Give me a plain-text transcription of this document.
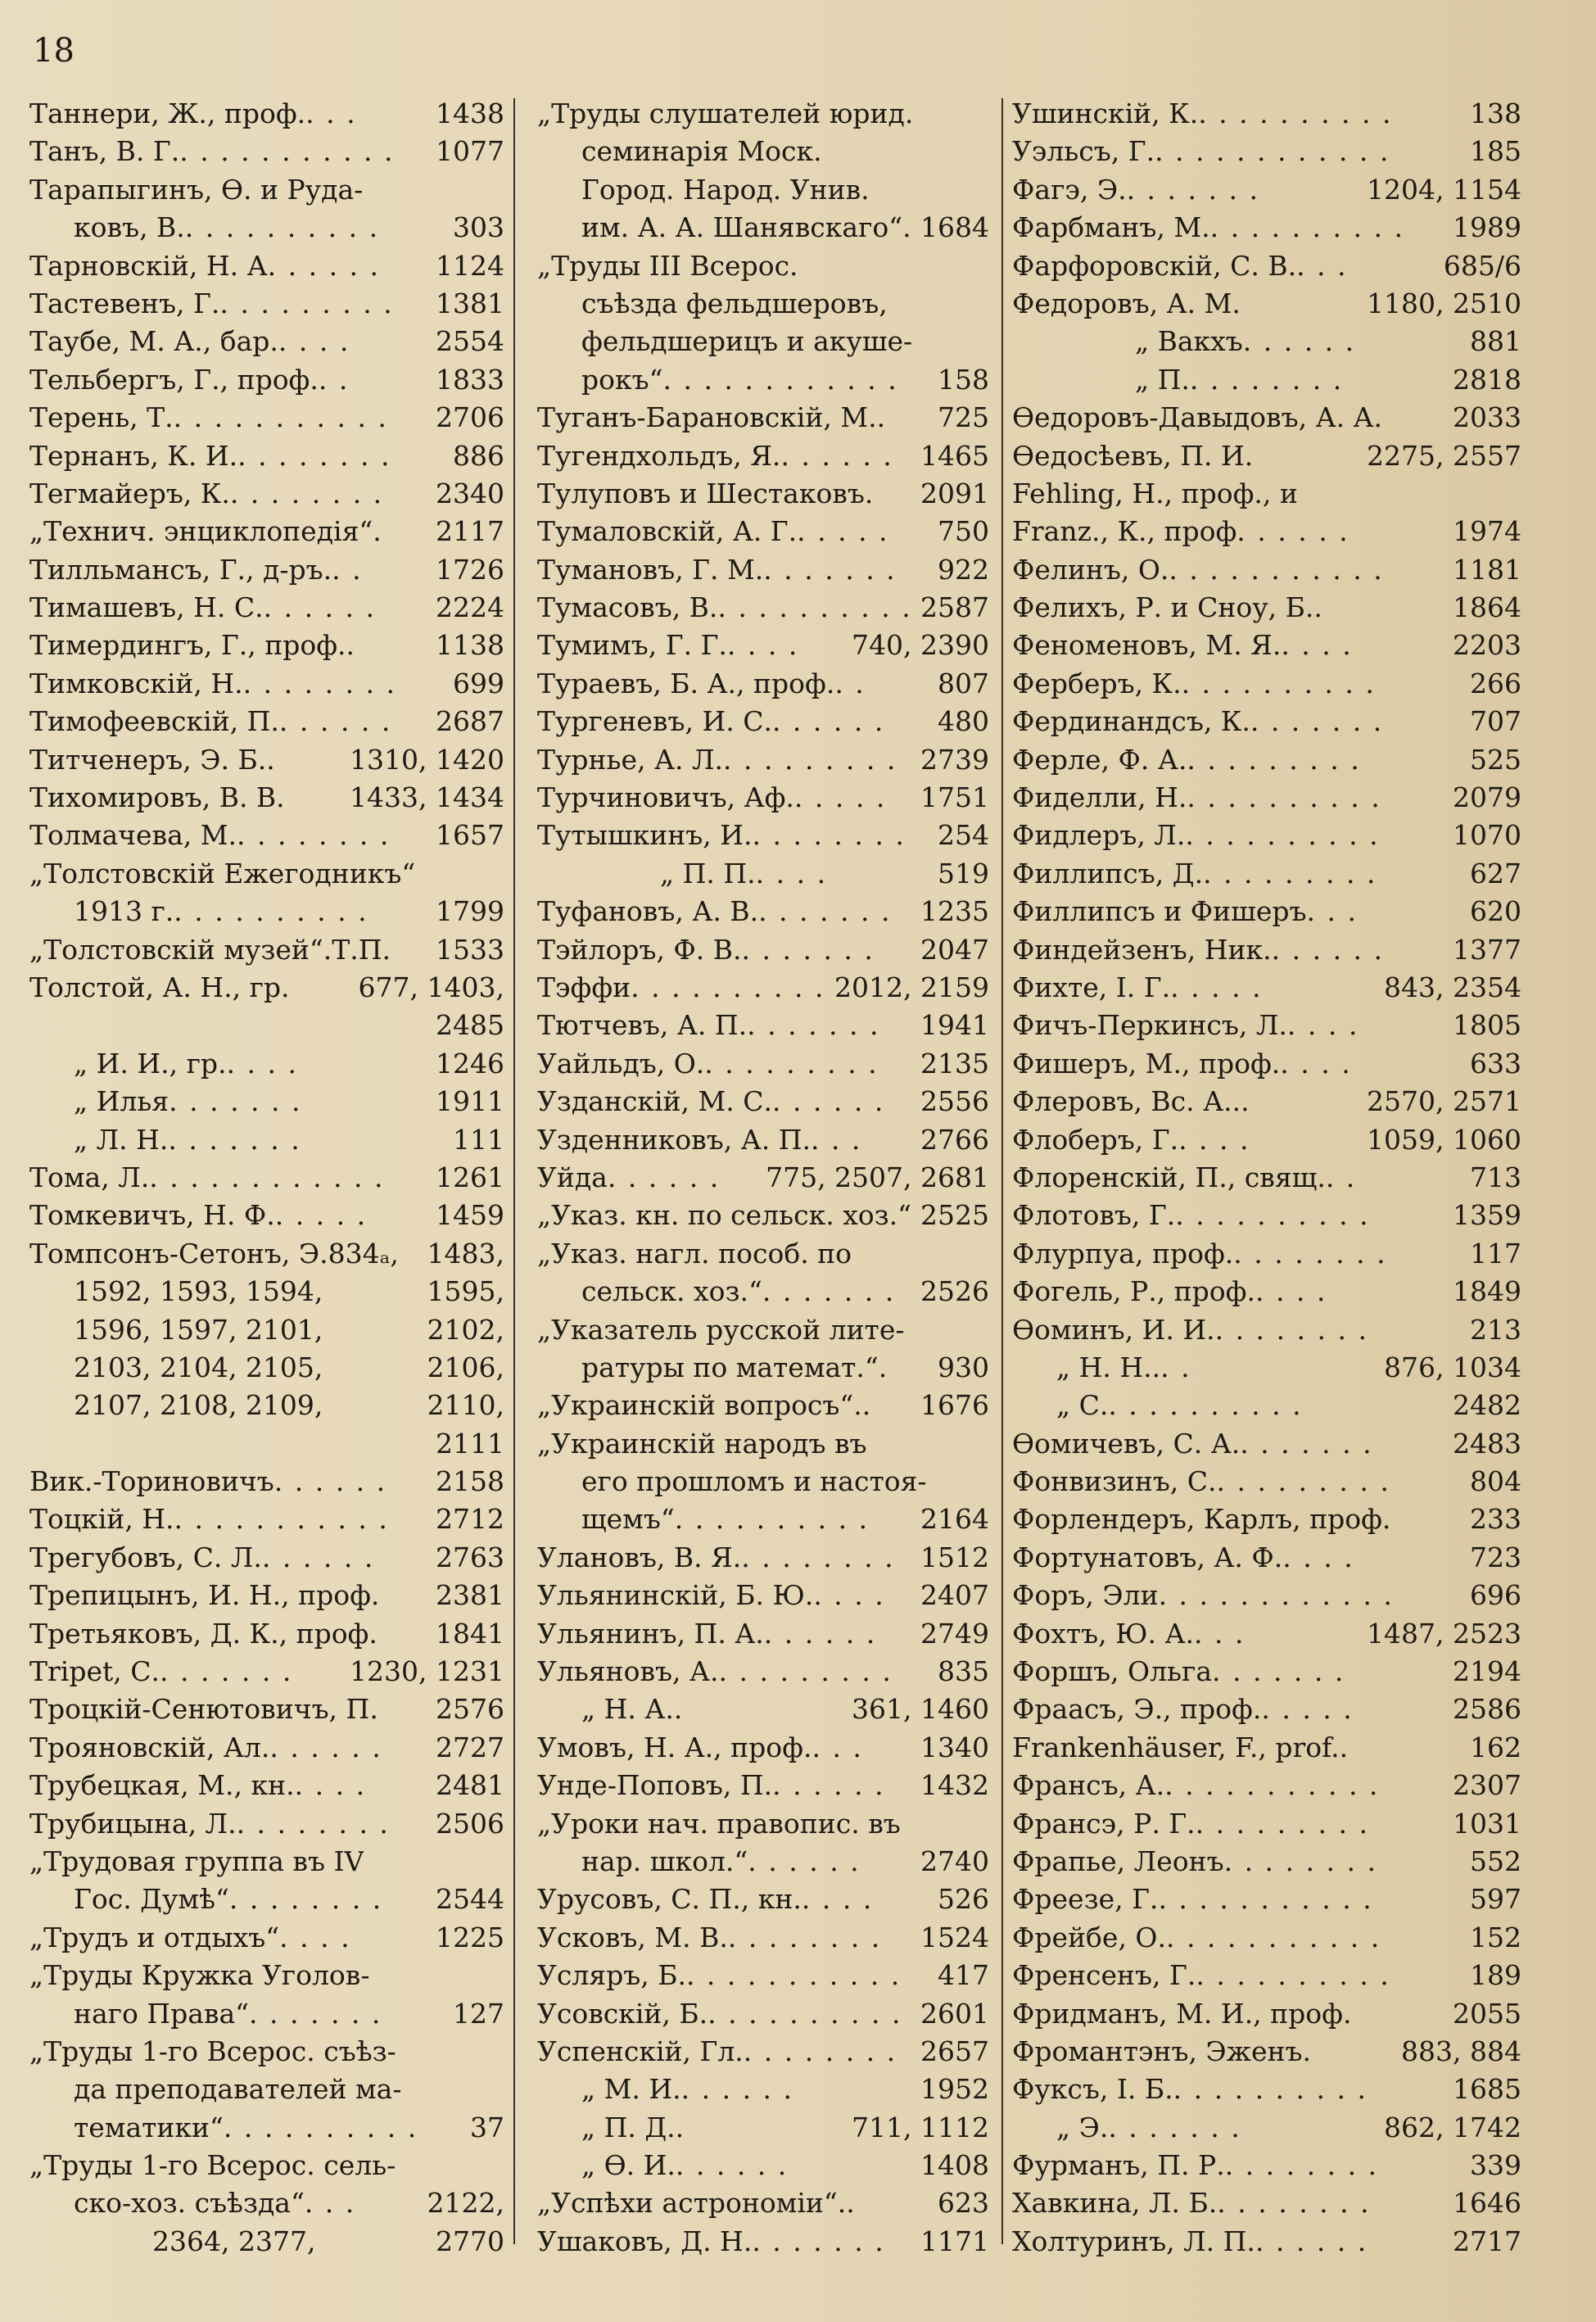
18
Таннери, Ж., проф. . . .	1438
Танъ, В. Г. . . . . . . . . . . .	1077
Тарапыгинъ, Ѳ. и Руда-
ковъ, В. . . . . . . . . . .	303
Тарновскій, Н. А . . . . . .	1124
Тастевенъ, Г. . . . . . . . . .	1381
Таубе, М. А., бар. . . . .	2554
Тельбергъ, Г., проф. . .	1833
Терень, Т. . . . . . . . . . . .	2706
Тернанъ, К. И. . . . . . . . .	886
Тегмайеръ, К. . . . . . . . .	2340
„Технич. энциклопедія“. 2117
Тилльмансъ, Г., д-ръ. . .	1726
Тимашевъ, Н. С. . . . . . .	2224
Тимердингъ, Г., проф. .	1138
Тимковскій, Н. . . . . . . . .	699
Тимофеевскій, П. . . . . . .	2687
Титченеръ, Э. Б..	1310, 1420
Тихомировъ, В. В. 1433, 1434
Толмачева, М. . . . . . . . .	1657
„Толстовскій Ежегодникъ“
1913 г. . . . . . . . . . .	1799
„Толстовскій музей“.Т.П. 1533
Толстой, А. Н., гр.	677, 1403,
2485
„ И. И., гр. . . . .	1246
„ Илья . . . . . . .	1911
„ Л. Н. . . . . . . .	111
Тома, Л. . . . . . . . . . . . .	1261
Томкевичъ, Н. Ф. . . . . .	1459
Томпсонъ-Сетонъ, Э.834ₐ, 1483,
1592, 1593, 1594,	1595,
1596, 1597, 2101,	2102,
2103, 2104, 2105,	2106,
2107, 2108, 2109,	2110,
2111
Вик.-Ториновичъ . . . . . .	2158
Тоцкій, Н. . . . . . . . . . . .	2712
Трегубовъ, С. Л. . . . . . .	2763
Трепицынъ, И. Н., проф. 2381
Третьяковъ, Д. К., проф. 1841
Tripet, С. . . . . . . .	1230, 1231
Троцкій-Сенютовичъ, П. 2576
Трояновскій, Ал. . . . . . .	2727
Трубецкая, М., кн. . . . .	2481
Трубицына, Л. . . . . . . . .	2506
„Трудовая группа въ IV
Гос. Думѣ“ . . . . . . . .	2544
„Трудъ и отдыхъ“ . . . .	1225
„Труды Кружка Уголов-
наго Права“ . . . . . . .	127
„Труды 1-го Всерос. съѣз-
да преподавателей ма-
тематики“ . . . . . . . . . .	37
„Труды 1-го Всерос. сель-
ско-хоз. съѣзда“ . . .	2122,
2364, 2377,	2770
„Труды слушателей юрид.
семинарія Моск.
Город. Народ. Унив.
им. А. А. Шанявскаго“. 1684
„Труды III Всерос.
съѣзда фельдшеровъ,
фельдшерицъ и акуше-
рокъ“ . . . . . . . . . . . .	158
Туганъ-Барановскій, М.. 725
Тугендхольдъ, Я. . . . . . .	1465
Тулуповъ и Шестаковъ. 2091
Тумаловскій, А. Г. . . . . .	750
Тумановъ, Г. М. . . . . . . .	922
Тумасовъ, В. . . . . . . . . . . 2587
Тумимъ, Г. Г. . . . .	740, 2390
Тураевъ, Б. А., проф. . .	807
Тургеневъ, И. С. . . . . . .	480
Турнье, А. Л. . . . . . . . . . 2739
Турчиновичъ, Аф. . . . . .	1751
Тутышкинъ, И. . . . . . . . .	254
„ П. П. . . . .	519
Туфановъ, А. В. . . . . . . .	1235
Тэйлоръ, Ф. В. . . . . . . .	2047
Тэффи . . . . . . . . . . 2012, 2159
Тютчевъ, А. П. . . . . . . .	1941
Уайльдъ, О. . . . . . . . . .	2135
Узданскій, М. С. . . . . . .	2556
Узденниковъ, А. П. . . .	2766
Уйда . . . . . .	775, 2507, 2681
„Указ. кн. по сельск. хоз.“ 2525
„Указ. нагл. пособ. по
сельск. хоз.“ . . . . . . . 2526
„Указатель русской лите-
ратуры по математ.“. 930
„Украинскій вопросъ“.. 1676
„Украинскій народъ въ
его прошломъ и настоя-
щемъ“ . . . . . . . . . .	2164
Улановъ, В. Я. . . . . . . . . 1512
Ульянинскій, Б. Ю. . . . .	2407
Ульянинъ, П. А. . . . . . .	2749
Ульяновъ, А. . . . . . . . . .	835
„ Н. А..	361, 1460
Умовъ, Н. А., проф. . . .	1340
Унде-Поповъ, П. . . . . . .	1432
„Уроки нач. правопис. въ
нар. школ.“ . . . . . .	2740
Урусовъ, С. П., кн. . . . .	526
Усковъ, М. В. . . . . . . . .	1524
Усляръ, Б. . . . . . . . . . . .	417
Усовскій, Б. . . . . . . . . . . 2601
Успенскій, Гл. . . . . . . . . 2657
„ М. И. . . . . . .	1952
„ П. Д..	711, 1112
„ Ѳ. И. . . . . . .	1408
„Успѣхи астрономіи“. .	623
Ушаковъ, Д. Н. . . . . . . .	1171
Ушинскій, К. . . . . . . . . . .	138
Уэльсъ, Г. . . . . . . . . . . . .	185
Фагэ, Э. . . . . . . .	1204, 1154
Фарбманъ, М. . . . . . . . . . .	1989
Фарфоровскій, С. В. . . .	685/6
Федоровъ, А. М.	1180, 2510
„ Вакхъ . . . . . .	881
„ П. . . . . . . . .	2818
Ѳедоровъ-Давыдовъ, А. А.	2033
Ѳедосѣевъ, П. И.	2275, 2557
Fehling, Н., проф., и
Franz., К., проф . . . . . .	1974
Фелинъ, О. . . . . . . . . . . .	1181
Фелихъ, Р. и Сноу, Б..	1864
Феноменовъ, М. Я. . . . .	2203
Ферберъ, К. . . . . . . . . . .	266
Фердинандсъ, К. . . . . . . .	707
Ферле, Ф. А. . . . . . . . . .	525
Фиделли, Н. . . . . . . . . . .	2079
Фидлеръ, Л. . . . . . . . . . .	1070
Филлипсъ, Д. . . . . . . . . .	627
Филлипсъ и Фишеръ . . .	620
Финдейзенъ, Ник. . . . . . .	1377
Фихте, І. Г. . . . . .	843, 2354
Фичъ-Перкинсъ, Л. . . . .	1805
Фишеръ, М., проф. . . . .	633
Флеровъ, Вс. А.. .	2570, 2571
Флоберъ, Г. . . . .	1059, 1060
Флоренскій, П., свящ. . .	713
Флотовъ, Г. . . . . . . . . . .	1359
Флурпуа, проф. . . . . . . . .	117
Фогель, Р., проф. . . . .	1849
Ѳоминъ, И. И. . . . . . . . .	213
„ Н. Н.. . .	876, 1034
„ С. . . . . . . . . . .	2482
Ѳомичевъ, С. А. . . . . . . .	2483
Фонвизинъ, С. . . . . . . . . .	804
Форлендеръ, Карлъ, проф.	233
Фортунатовъ, А. Ф. . . . .	723
Форъ, Эли . . . . . . . . . . . .	696
Фохтъ, Ю. А. . . .	1487, 2523
Форшъ, Ольга . . . . . . .	2194
Фраасъ, Э., проф. . . . . .	2586
Frankenhäuser, F., prof..	162
Франсъ, А. . . . . . . . . . . .	2307
Франсэ, Р. Г. . . . . . . . . .	1031
Фрапье, Леонъ . . . . . . . .	552
Фреезе, Г. . . . . . . . . . . .	597
Фрейбе, О. . . . . . . . . . . .	152
Френсенъ, Г. . . . . . . . . . .	189
Фридманъ, М. И., проф.	2055
Фромантэнъ, Эженъ.	883, 884
Фуксъ, І. Б. . . . . . . . . . .	1685
„ Э. . . . . . . .	862, 1742
Фурманъ, П. Р. . . . . . . . .	339
Хавкина, Л. Б. . . . . . . . .	1646
Холтуринъ, Л. П. . . . . . .	2717
